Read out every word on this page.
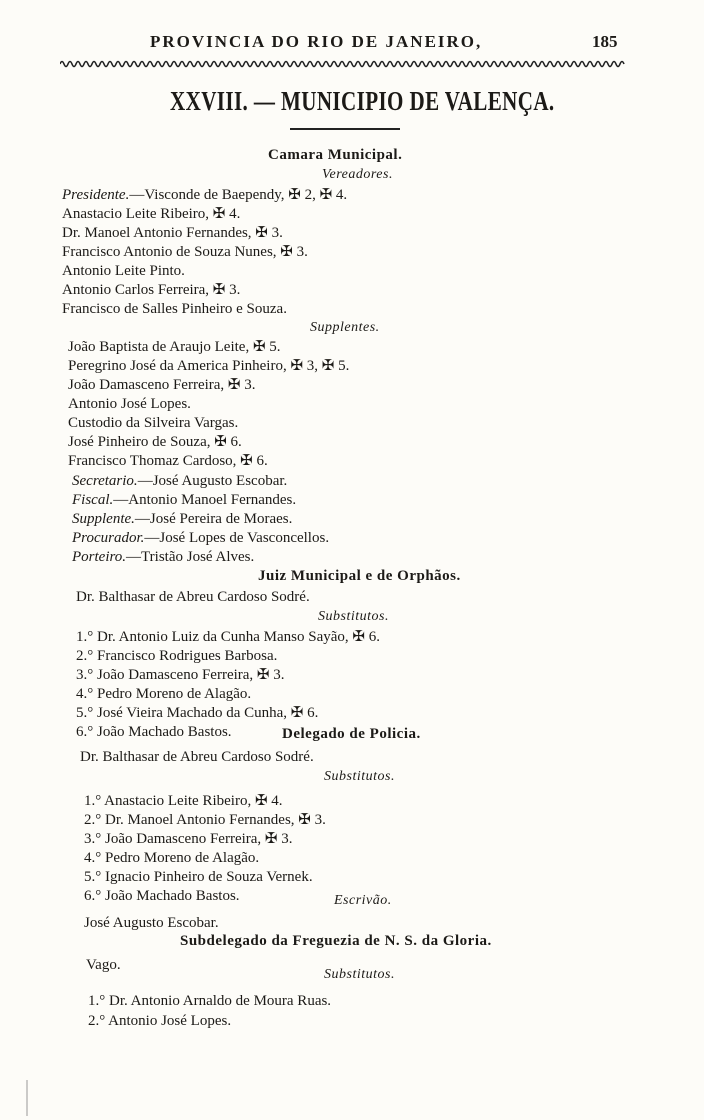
PROVINCIA DO RIO DE JANEIRO,	185
XXVIII. — MUNICIPIO DE VALENÇA.
Camara Municipal.
Vereadores.
Presidente.—Visconde de Baependy, ✠ 2, ✠ 4.
Anastacio Leite Ribeiro, ✠ 4.
Dr. Manoel Antonio Fernandes, ✠ 3.
Francisco Antonio de Souza Nunes, ✠ 3.
Antonio Leite Pinto.
Antonio Carlos Ferreira, ✠ 3.
Francisco de Salles Pinheiro e Souza.
Supplentes.
João Baptista de Araujo Leite, ✠ 5.
Peregrino José da America Pinheiro, ✠ 3, ✠ 5.
João Damasceno Ferreira, ✠ 3.
Antonio José Lopes.
Custodio da Silveira Vargas.
José Pinheiro de Souza, ✠ 6.
Francisco Thomaz Cardoso, ✠ 6.
Secretario.—José Augusto Escobar.
Fiscal.—Antonio Manoel Fernandes.
Supplente.—José Pereira de Moraes.
Procurador.—José Lopes de Vasconcellos.
Porteiro.—Tristão José Alves.
Juiz Municipal e de Orphãos.
Dr. Balthasar de Abreu Cardoso Sodré.
Substitutos.
1.° Dr. Antonio Luiz da Cunha Manso Sayão, ✠ 6.
2.° Francisco Rodrigues Barbosa.
3.° João Damasceno Ferreira, ✠ 3.
4.° Pedro Moreno de Alagão.
5.° José Vieira Machado da Cunha, ✠ 6.
6.° João Machado Bastos.	Delegado de Policia.
Dr. Balthasar de Abreu Cardoso Sodré.
Substitutos.
1.° Anastacio Leite Ribeiro, ✠ 4.
2.° Dr. Manoel Antonio Fernandes, ✠ 3.
3.° João Damasceno Ferreira, ✠ 3.
4.° Pedro Moreno de Alagão.
5.° Ignacio Pinheiro de Souza Vernek.
6.° João Machado Bastos.	Escrivão.
José Augusto Escobar.
Subdelegado da Freguezia de N. S. da Gloria.
Vago.
Substitutos.
1.° Dr. Antonio Arnaldo de Moura Ruas.
2.° Antonio José Lopes.
